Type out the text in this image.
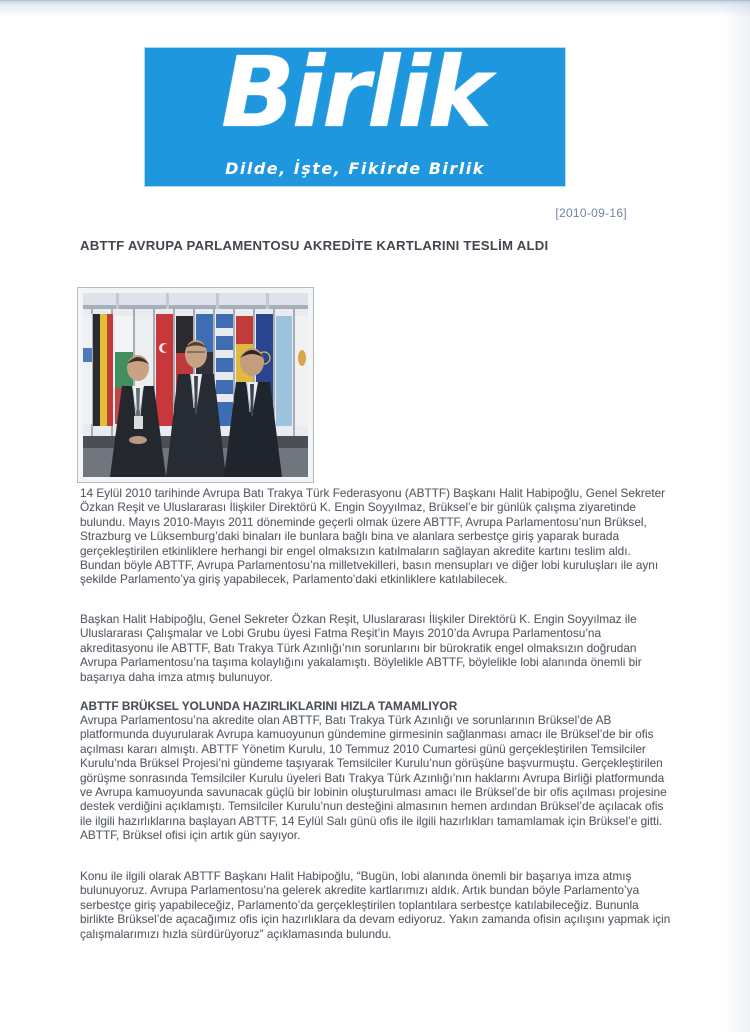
Birlik
Dilde, İşte, Fikirde Birlik
[2010-09-16]
ABTTF AVRUPA PARLAMENTOSU AKREDİTE KARTLARINI TESLİM ALDI
14 Eylül 2010 tarihinde Avrupa Batı Trakya Türk Federasyonu (ABTTF) Başkanı Halit Habipoğlu, Genel Sekreter Özkan Reşit ve Uluslararası İlişkiler Direktörü K. Engin Soyyılmaz, Brüksel’e bir günlük çalışma ziyaretinde bulundu. Mayıs 2010-Mayıs 2011 döneminde geçerli olmak üzere ABTTF, Avrupa Parlamentosu’nun Brüksel, Strazburg ve Lüksemburg’daki binaları ile bunlara bağlı bina ve alanlara serbestçe giriş yaparak burada gerçekleştirilen etkinliklere herhangi bir engel olmaksızın katılmaların sağlayan akredite kartını teslim aldı. Bundan böyle ABTTF, Avrupa Parlamentosu’na milletvekilleri, basın mensupları ve diğer lobi kuruluşları ile aynı şekilde Parlamento’ya giriş yapabilecek, Parlamento’daki etkinliklere katılabilecek.
Başkan Halit Habipoğlu, Genel Sekreter Özkan Reşit, Uluslararası İlişkiler Direktörü K. Engin Soyyılmaz ile Uluslararası Çalışmalar ve Lobi Grubu üyesi Fatma Reşit’in Mayıs 2010’da Avrupa Parlamentosu’na akreditasyonu ile ABTTF, Batı Trakya Türk Azınlığı’nın sorunlarını bir bürokratik engel olmaksızın doğrudan Avrupa Parlamentosu’na taşıma kolaylığını yakalamıştı. Böylelikle ABTTF, böylelikle lobi alanında önemli bir başarıya daha imza atmış bulunuyor.
ABTTF BRÜKSEL YOLUNDA HAZIRLIKLARINI HIZLA TAMAMLIYOR
Avrupa Parlamentosu’na akredite olan ABTTF, Batı Trakya Türk Azınlığı ve sorunlarının Brüksel’de AB platformunda duyurularak Avrupa kamuoyunun gündemine girmesinin sağlanması amacı ile Brüksel’de bir ofis açılması kararı almıştı. ABTTF Yönetim Kurulu, 10 Temmuz 2010 Cumartesi günü gerçekleştirilen Temsilciler Kurulu’nda Brüksel Projesi’ni gündeme taşıyarak Temsilciler Kurulu’nun görüşüne başvurmuştu. Gerçekleştirilen görüşme sonrasında Temsilciler Kurulu üyeleri Batı Trakya Türk Azınlığı’nın haklarını Avrupa Birliği platformunda ve Avrupa kamuoyunda savunacak güçlü bir lobinin oluşturulması amacı ile Brüksel’de bir ofis açılması projesine destek verdiğini açıklamıştı. Temsilciler Kurulu’nun desteğini almasının hemen ardından Brüksel’de açılacak ofis ile ilgili hazırlıklarına başlayan ABTTF, 14 Eylül Salı günü ofis ile ilgili hazırlıkları tamamlamak için Brüksel’e gitti. ABTTF, Brüksel ofisi için artık gün sayıyor.
Konu ile ilgili olarak ABTTF Başkanı Halit Habipoğlu, “Bugün, lobi alanında önemli bir başarıya imza atmış bulunuyoruz. Avrupa Parlamentosu’na gelerek akredite kartlarımızı aldık. Artık bundan böyle Parlamento’ya serbestçe giriş yapabileceğiz, Parlamento’da gerçekleştirilen toplantılara serbestçe katılabileceğiz. Bununla birlikte Brüksel’de açacağımız ofis için hazırlıklara da devam ediyoruz. Yakın zamanda ofisin açılışını yapmak için çalışmalarımızı hızla sürdürüyoruz” açıklamasında bulundu.
